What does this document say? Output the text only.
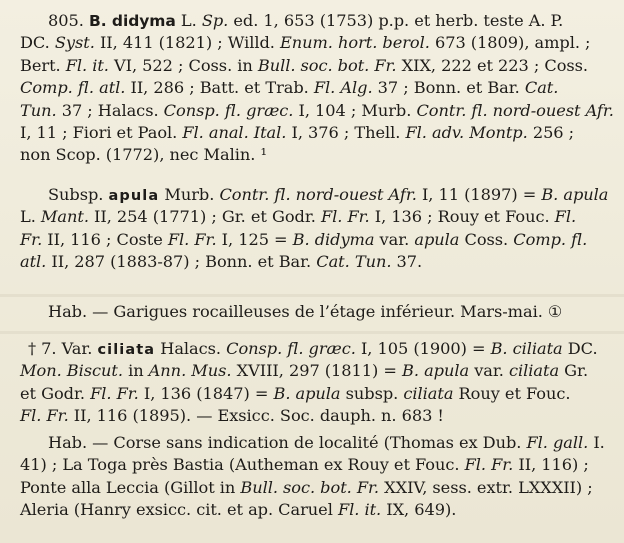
805. B. didyma L. Sp. ed. 1, 653 (1753) p.p. et herb. teste A. P.
DC. Syst. II, 411 (1821) ; Willd. Enum. hort. berol. 673 (1809), ampl. ;
Bert. Fl. it. VI, 522 ; Coss. in Bull. soc. bot. Fr. XIX, 222 et 223 ; Coss.
Comp. fl. atl. II, 286 ; Batt. et Trab. Fl. Alg. 37 ; Bonn. et Bar. Cat.
Tun. 37 ; Halacs. Consp. fl. græc. I, 104 ; Murb. Contr. fl. nord-ouest Afr.
I, 11 ; Fiori et Paol. Fl. anal. Ital. I, 376 ; Thell. Fl. adv. Montp. 256 ;
non Scop. (1772), nec Malin. ¹
Subsp. apula Murb. Contr. fl. nord-ouest Afr. I, 11 (1897) = B. apula
L. Mant. II, 254 (1771) ; Gr. et Godr. Fl. Fr. I, 136 ; Rouy et Fouc. Fl.
Fr. II, 116 ; Coste Fl. Fr. I, 125 = B. didyma var. apula Coss. Comp. fl.
atl. II, 287 (1883-87) ; Bonn. et Bar. Cat. Tun. 37.
Hab. — Garigues rocailleuses de l’étage inférieur. Mars-mai. ①
† 7. Var. ciliata Halacs. Consp. fl. græc. I, 105 (1900) = B. ciliata DC.
Mon. Biscut. in Ann. Mus. XVIII, 297 (1811) = B. apula var. ciliata Gr.
et Godr. Fl. Fr. I, 136 (1847) = B. apula subsp. ciliata Rouy et Fouc.
Fl. Fr. II, 116 (1895). — Exsicc. Soc. dauph. n. 683 !
Hab. — Corse sans indication de localité (Thomas ex Dub. Fl. gall. I.
41) ; La Toga près Bastia (Autheman ex Rouy et Fouc. Fl. Fr. II, 116) ;
Ponte alla Leccia (Gillot in Bull. soc. bot. Fr. XXIV, sess. extr. LXXXII) ;
Aleria (Hanry exsicc. cit. et ap. Caruel Fl. it. IX, 649).
